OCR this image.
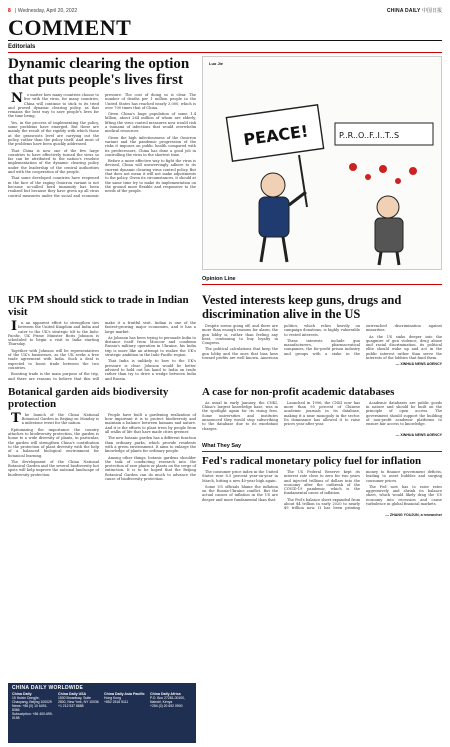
8 | Wednesday, April 20, 2022	CHINA DAILY 中国日报
COMMENT
Editorials
Dynamic clearing the option that puts people's lives first

No matter how many countries choose to live with the virus, for many countries, China will continue to stick to its tried and proved dynamic clearing policy, as that remains the best way to save people's lives for the time being.

Yes, in the process of implementing the policy, some problems have emerged. But these are mainly the result of the rigidity with which those at the grassroots level are carrying out the policy, rather than the policy itself. And most of the problems have been quickly addressed.

That China is now one of the few large countries to have effectively turned the virus so far can be attributed to the nation's resolute implementation of the dynamic clearing policy under the leadership of the central authorities and with the cooperation of the people.

That some developed countries have reopened in the face of the raging Omicron variant is not because so-called herd immunity has been realized but because they have given up all virus control measures under the social and economic pressure. The cost of doing so is clear. The number of deaths per 1 million people in the United States has reached nearly 3,000, which is over 700 times that of China.

Given China's huge population of some 1.4 billion, about 264 million of whom are elderly, lifting the virus control measures now would risk a tsunami of infections that would overwhelm medical resources.

Given the high infectiousness of the Omicron variant and the pandemic progression of the risks it imposes on public health compared with its predecessors, China has done a good job in controlling the virus in the shortest time.

Before a more effective way to fight the virus is devised, China will unswervingly adhere to its current dynamic clearing virus control policy. But that does not mean it will not make adjustments to the policy. Given its circumstances, it should at the same time try to make its implementation on the ground more flexible and responsive to the needs of the people.

Luo Jie
PEACE!	P..R..O..F..I..T..S
Opinion Line
UK PM should stick to trade in Indian visit

In an apparent effort to strengthen ties between the United Kingdom and India and cater to the UK's strategic tilt to the Indo-Pacific, UK Prime Minister Boris Johnson is scheduled to begin a visit to India starting Thursday.

Together with Johnson will be representatives of the UK's businesses, as the UK seeks a free trade agreement with India. Such a deal is expected to boost trade between the two countries.

Boosting trade is the main purpose of the trip, and there are reasons to believe that this will make it a fruitful visit. Indian is one of the fastest-growing major economies, and it has a large market.

As Johnson has been trying to persuade India to distance itself from Moscow and condemn Russia's military operation in Ukraine, his India trip is more like an attempt to realize the UK's strategic ambition in the Indo-Pacific region.

That India is unlikely to bow to the UK's pressure is clear. Johnson would be better advised to hold out his hand to India on trade rather than try to drive a wedge between India and Russia.

Vested interests keep guns, drugs and discrimination alive in the US

Despite sirens going off, and there are more than enough reasons for alarm, the gun lobby is, rather than feeling any heat, continuing to buy loyalty in Congress.

The political calculations that keep the gun lobby and the ones that bias laws toward profits are well known. American politics, which relies heavily on campaign donations, is highly vulnerable to vested interests.

These interests include gun manufacturers, pharmaceutical companies, the for-profit prison industry and groups with a stake in the entrenched discrimination against minorities.

As the US sinks deeper into the quagmire of gun violence, drug abuse and racial discrimination, its political elite should wake up and act in the public interest rather than serve the interests of the lobbies that fund them.

— XINHUA NEWS AGENCY
Botanical garden aids biodiversity protection

The launch of the China National Botanical Garden in Beijing on Monday is a milestone event for the nation.

Epitomizing the importance the country attaches to biodiversity protection, the garden is home to a wide diversity of plants, in particular, the garden will strengthen China's contribution to the protection of plant diversity with the help of a balanced biological environment for botanical learning.

The development of the China National Botanical Garden and the several biodiversity hot spots will help improve the national landscape of biodiversity protection.

People have built a gardening realization of how important it is to protect biodiversity and maintain a balance between humans and nature. And it is the efforts to plant trees by people from all walks of life that have made cities greener.

The new botanic garden has a different function than ordinary parks, which provide residents with a green environment. It aims to enlarge the knowledge of plants for ordinary people.

Among other things, botanic gardens shoulder the task of conducting research into the protection of rare plants or plants on the verge of extinction. It is to be hoped that the Beijing Botanical Garden can do much to advance the cause of biodiversity protection.

A case for non-profit academic databases

As usual in early January, the CNKI, China's largest knowledge base, was in the spotlight again for its rising fees. Some universities and institutes announced they would stop subscribing to the database due to its exorbitant charges.

Launched in 1996, the CNKI now has more than 95 percent of Chinese academic journals in its database, making it a near monopoly in the sector. Its dominance has allowed it to raise prices year after year.

Academic databases are public goods in nature and should be built on the principle of open access. The government should support the building of non-profit academic platforms to ensure fair access to knowledge.

— XINHUA NEWS AGENCY
What They Say
Fed's radical monetary policy fuel for inflation

The consumer price index in the United States rose 8.5 percent year-on-year in March, hitting a new 40-year high again.

Some US officials blame the inflation on the Russia-Ukraine conflict. But the actual causes of inflation in the US are deeper and more fundamental than that.

The US Federal Reserve kept its interest rate close to zero for two years and injected trillions of dollars into the economy after the outbreak of the COVID-19 pandemic, which is the fundamental cause of inflation.

The Fed's balance sheet expanded from about $4 trillion in early 2020 to nearly $9 trillion now. It has been printing money to finance government deficits, leading to asset bubbles and surging consumer prices.

The Fed now has to raise rates aggressively and shrink its balance sheet, which would likely drag the US economy into recession and cause turbulence in global financial markets.

— ZHANG YOUJUN, a researcher
CHINA DAILY WORLDWIDE
China Daily
15 Huixin Dongjie, Chaoyang, Beijing 100029
News: +86 (0) 10 6491-8366
Subscription: +86 400-699-0158
China Daily USA
1500 Broadway, Suite 2800, New York, NY 10036
+1 212 537 8888
China Daily Asia Pacific
Hong Kong
+852 2518 5111
China Daily Africa
P.O. Box 27281-00100, Nairobi, Kenya
+254 (0) 20 692 0900
